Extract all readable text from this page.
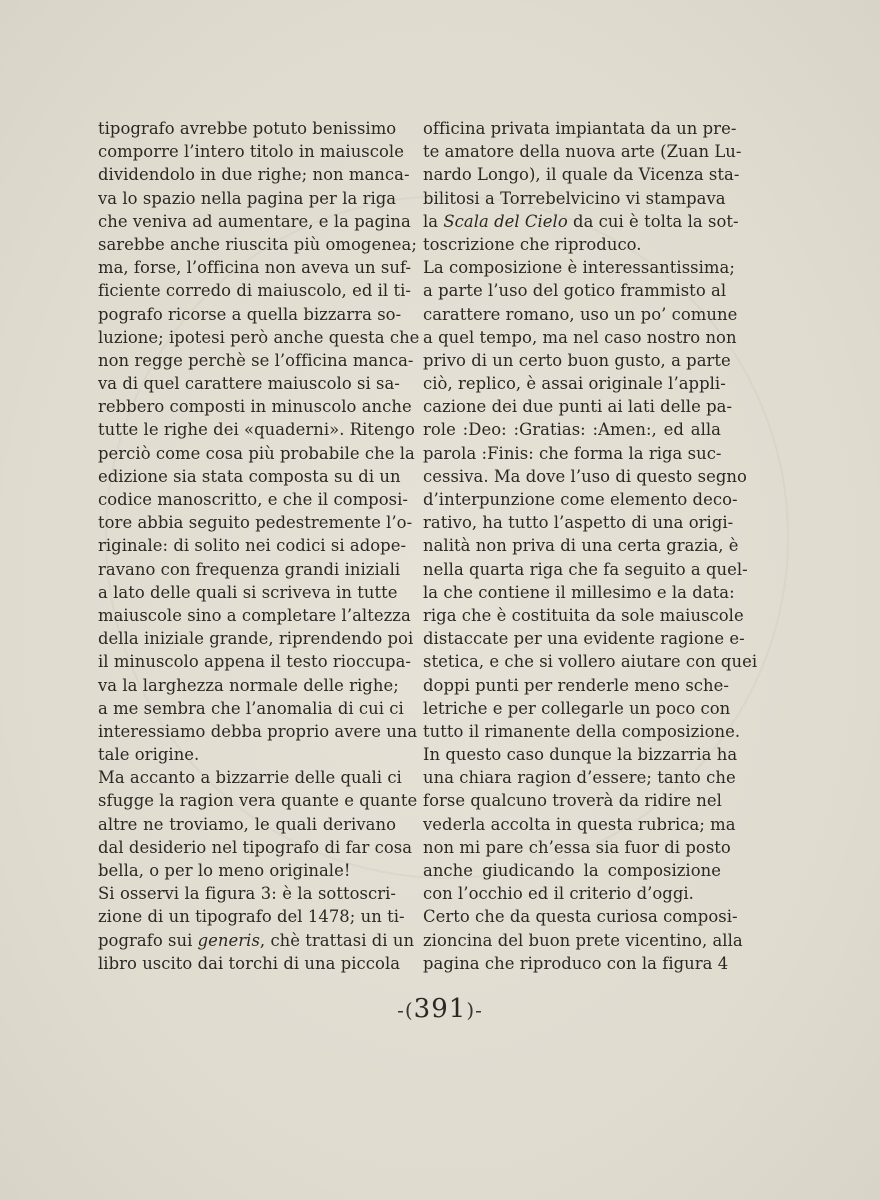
tipografo avrebbe potuto benissimo
comporre l’intero titolo in maiuscole
dividendolo in due righe; non manca-
va lo spazio nella pagina per la riga
che veniva ad aumentare, e la pagina
sarebbe anche riuscita più omogenea;
ma, forse, l’officina non aveva un suf-
ficiente corredo di maiuscolo, ed il ti-
pografo ricorse a quella bizzarra so-
luzione; ipotesi però anche questa che
non regge perchè se l’officina manca-
va di quel carattere maiuscolo si sa-
rebbero composti in minuscolo anche
tutte le righe dei «quaderni». Ritengo
perciò come cosa più probabile che la
edizione sia stata composta su di un
codice manoscritto, e che il composi-
tore abbia seguito pedestremente l’o-
riginale: di solito nei codici si adope-
ravano con frequenza grandi iniziali
a lato delle quali si scriveva in tutte
maiuscole sino a completare l’altezza
della iniziale grande, riprendendo poi
il minuscolo appena il testo rioccupa-
va la larghezza normale delle righe;
a me sembra che l’anomalia di cui ci
interessiamo debba proprio avere una
tale origine.
Ma accanto a bizzarrie delle quali ci
sfugge la ragion vera quante e quante
altre ne troviamo, le quali derivano
dal desiderio nel tipografo di far cosa
bella, o per lo meno originale!
Si osservi la figura 3: è la sottoscri-
zione di un tipografo del 1478; un ti-
pografo sui generis, chè trattasi di un
libro uscito dai torchi di una piccola
officina privata impiantata da un pre-
te amatore della nuova arte (Zuan Lu-
nardo Longo), il quale da Vicenza sta-
bilitosi a Torrebelvicino vi stampava
la Scala del Cielo da cui è tolta la sot-
toscrizione che riproduco.
La composizione è interessantissima;
a parte l’uso del gotico frammisto al
carattere romano, uso un po’ comune
a quel tempo, ma nel caso nostro non
privo di un certo buon gusto, a parte
ciò, replico, è assai originale l’appli-
cazione dei due punti ai lati delle pa-
role :Deo: :Gratias: :Amen:, ed alla
parola :Finis: che forma la riga suc-
cessiva. Ma dove l’uso di questo segno
d’interpunzione come elemento deco-
rativo, ha tutto l’aspetto di una origi-
nalità non priva di una certa grazia, è
nella quarta riga che fa seguito a quel-
la che contiene il millesimo e la data:
riga che è costituita da sole maiuscole
distaccate per una evidente ragione e-
stetica, e che si vollero aiutare con quei
doppi punti per renderle meno sche-
letriche e per collegarle un poco con
tutto il rimanente della composizione.
In questo caso dunque la bizzarria ha
una chiara ragion d’essere; tanto che
forse qualcuno troverà da ridire nel
vederla accolta in questa rubrica; ma
non mi pare ch’essa sia fuor di posto
anche giudicando la composizione
con l’occhio ed il criterio d’oggi.
Certo che da questa curiosa composi-
zioncina del buon prete vicentino, alla
pagina che riproduco con la figura 4
-(391)-
